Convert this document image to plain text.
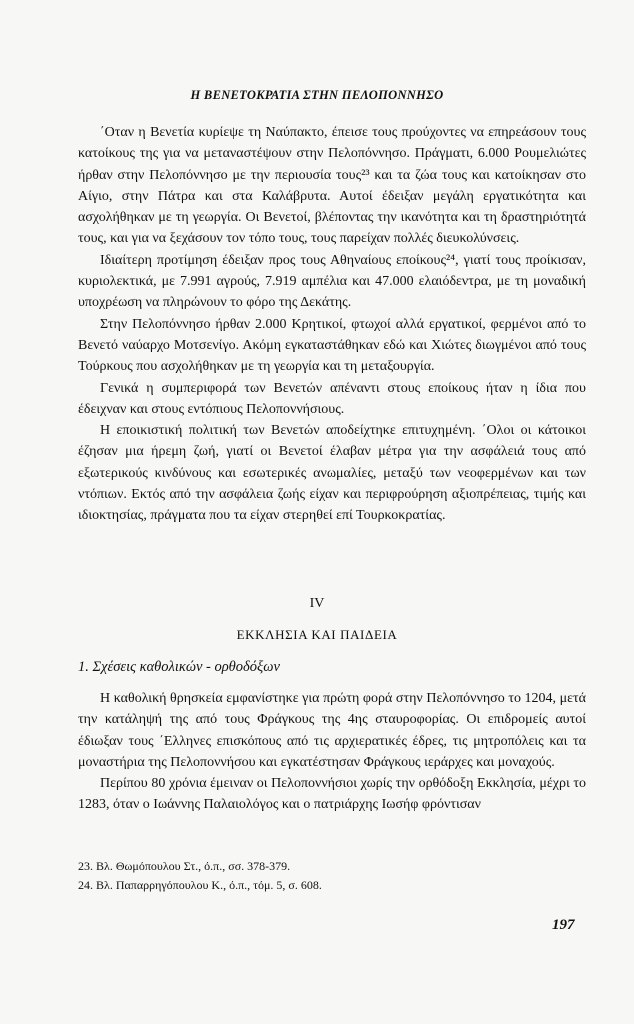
Η ΒΕΝΕΤΟΚΡΑΤΙΑ ΣΤΗΝ ΠΕΛΟΠΟΝΝΗΣΟ

΄Οταν η Βενετία κυρίεψε τη Ναύπακτο, έπεισε τους προύχοντες να επηρεάσουν τους κατοίκους της για να μεταναστέψουν στην Πελοπόννησο. Πράγματι, 6.000 Ρουμελιώτες ήρθαν στην Πελοπόννησο με την περιουσία τους²³ και τα ζώα τους και κατοίκησαν στο Αίγιο, στην Πάτρα και στα Καλάβρυτα. Αυτοί έδειξαν μεγάλη εργατικότητα και ασχολήθηκαν με τη γεωργία. Οι Βενετοί, βλέποντας την ικανότητα και τη δραστηριότητά τους, και για να ξεχάσουν τον τόπο τους, τους παρείχαν πολλές διευκολύνσεις.

Ιδιαίτερη προτίμηση έδειξαν προς τους Αθηναίους εποίκους²⁴, γιατί τους προίκισαν, κυριολεκτικά, με 7.991 αγρούς, 7.919 αμπέλια και 47.000 ελαιόδεντρα, με τη μοναδική υποχρέωση να πληρώνουν το φόρο της Δεκάτης.

Στην Πελοπόννησο ήρθαν 2.000 Κρητικοί, φτωχοί αλλά εργατικοί, φερμένοι από το Βενετό ναύαρχο Μοτσενίγο. Ακόμη εγκαταστάθηκαν εδώ και Χιώτες διωγμένοι από τους Τούρκους που ασχολήθηκαν με τη γεωργία και τη μεταξουργία.

Γενικά η συμπεριφορά των Βενετών απέναντι στους εποίκους ήταν η ίδια που έδειχναν και στους εντόπιους Πελοποννήσιους.

Η εποικιστική πολιτική των Βενετών αποδείχτηκε επιτυχημένη. ΄Ολοι οι κάτοικοι έζησαν μια ήρεμη ζωή, γιατί οι Βενετοί έλαβαν μέτρα για την ασφάλειά τους από εξωτερικούς κινδύνους και εσωτερικές ανωμαλίες, μεταξύ των νεοφερμένων και των ντόπιων. Εκτός από την ασφάλεια ζωής είχαν και περιφρούρηση αξιοπρέπειας, τιμής και ιδιοκτησίας, πράγματα που τα είχαν στερηθεί επί Τουρκοκρατίας.

IV
ΕΚΚΛΗΣΙΑ ΚΑΙ ΠΑΙΔΕΙΑ
1. Σχέσεις καθολικών - ορθοδόξων

Η καθολική θρησκεία εμφανίστηκε για πρώτη φορά στην Πελοπόννησο το 1204, μετά την κατάληψή της από τους Φράγκους της 4ης σταυροφορίας. Οι επιδρομείς αυτοί έδιωξαν τους ΄Ελληνες επισκόπους από τις αρχιερατικές έδρες, τις μητροπόλεις και τα μοναστήρια της Πελοποννήσου και εγκατέστησαν Φράγκους ιεράρχες και μοναχούς.

Περίπου 80 χρόνια έμειναν οι Πελοποννήσιοι χωρίς την ορθόδοξη Εκκλησία, μέχρι το 1283, όταν ο Ιωάννης Παλαιολόγος και ο πατριάρχης Ιωσήφ φρόντισαν

23. Βλ. Θωμόπουλου Στ., ό.π., σσ. 378-379.
24. Βλ. Παπαρρηγόπουλου Κ., ό.π., τόμ. 5, σ. 608.
197
